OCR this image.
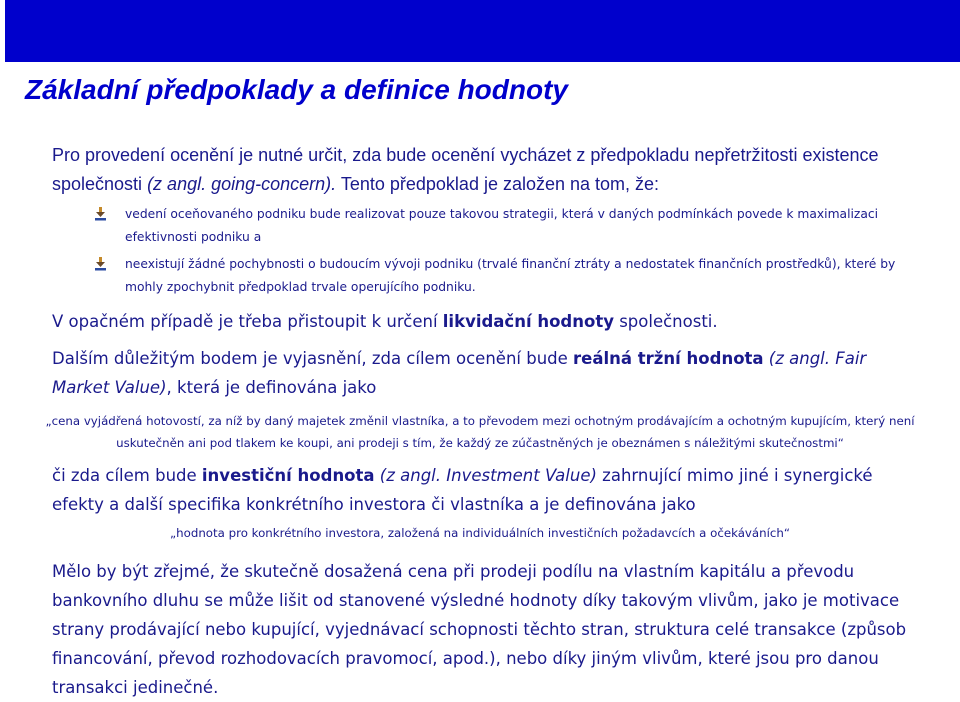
Základní předpoklady a definice hodnoty

Pro provedení ocenění je nutné určit, zda bude ocenění vycházet z předpokladu nepřetržitosti existence společnosti (z angl. going-concern). Tento předpoklad je založen na tom, že:

vedení oceňovaného podniku bude realizovat pouze takovou strategii, která v daných podmínkách povede k maximalizaci efektivnosti podniku a

neexistují žádné pochybnosti o budoucím vývoji podniku (trvalé finanční ztráty a nedostatek finančních prostředků), které by mohly zpochybnit předpoklad trvale operujícího podniku.

V opačném případě je třeba přistoupit k určení likvidační hodnoty společnosti.

Dalším důležitým bodem je vyjasnění, zda cílem ocenění bude reálná tržní hodnota (z angl. Fair Market Value), která je definována jako

„cena vyjádřená hotovostí, za níž by daný majetek změnil vlastníka, a to převodem mezi ochotným prodávajícím a ochotným kupujícím, který není uskutečněn ani pod tlakem ke koupi, ani prodeji s tím, že každý ze zúčastněných je obeznámen s náležitými skutečnostmi“

či zda cílem bude investiční hodnota (z angl. Investment Value) zahrnující mimo jiné i synergické efekty a další specifika konkrétního investora či vlastníka a je definována jako

„hodnota pro konkrétního investora, založená na individuálních investičních požadavcích a očekáváních“

Mělo by být zřejmé, že skutečně dosažená cena při prodeji podílu na vlastním kapitálu a převodu bankovního dluhu se může lišit od stanovené výsledné hodnoty díky takovým vlivům, jako je motivace strany prodávající nebo kupující, vyjednávací schopnosti těchto stran, struktura celé transakce (způsob financování, převod rozhodovacích pravomocí, apod.), nebo díky jiným vlivům, které jsou pro danou transakci jedinečné.
